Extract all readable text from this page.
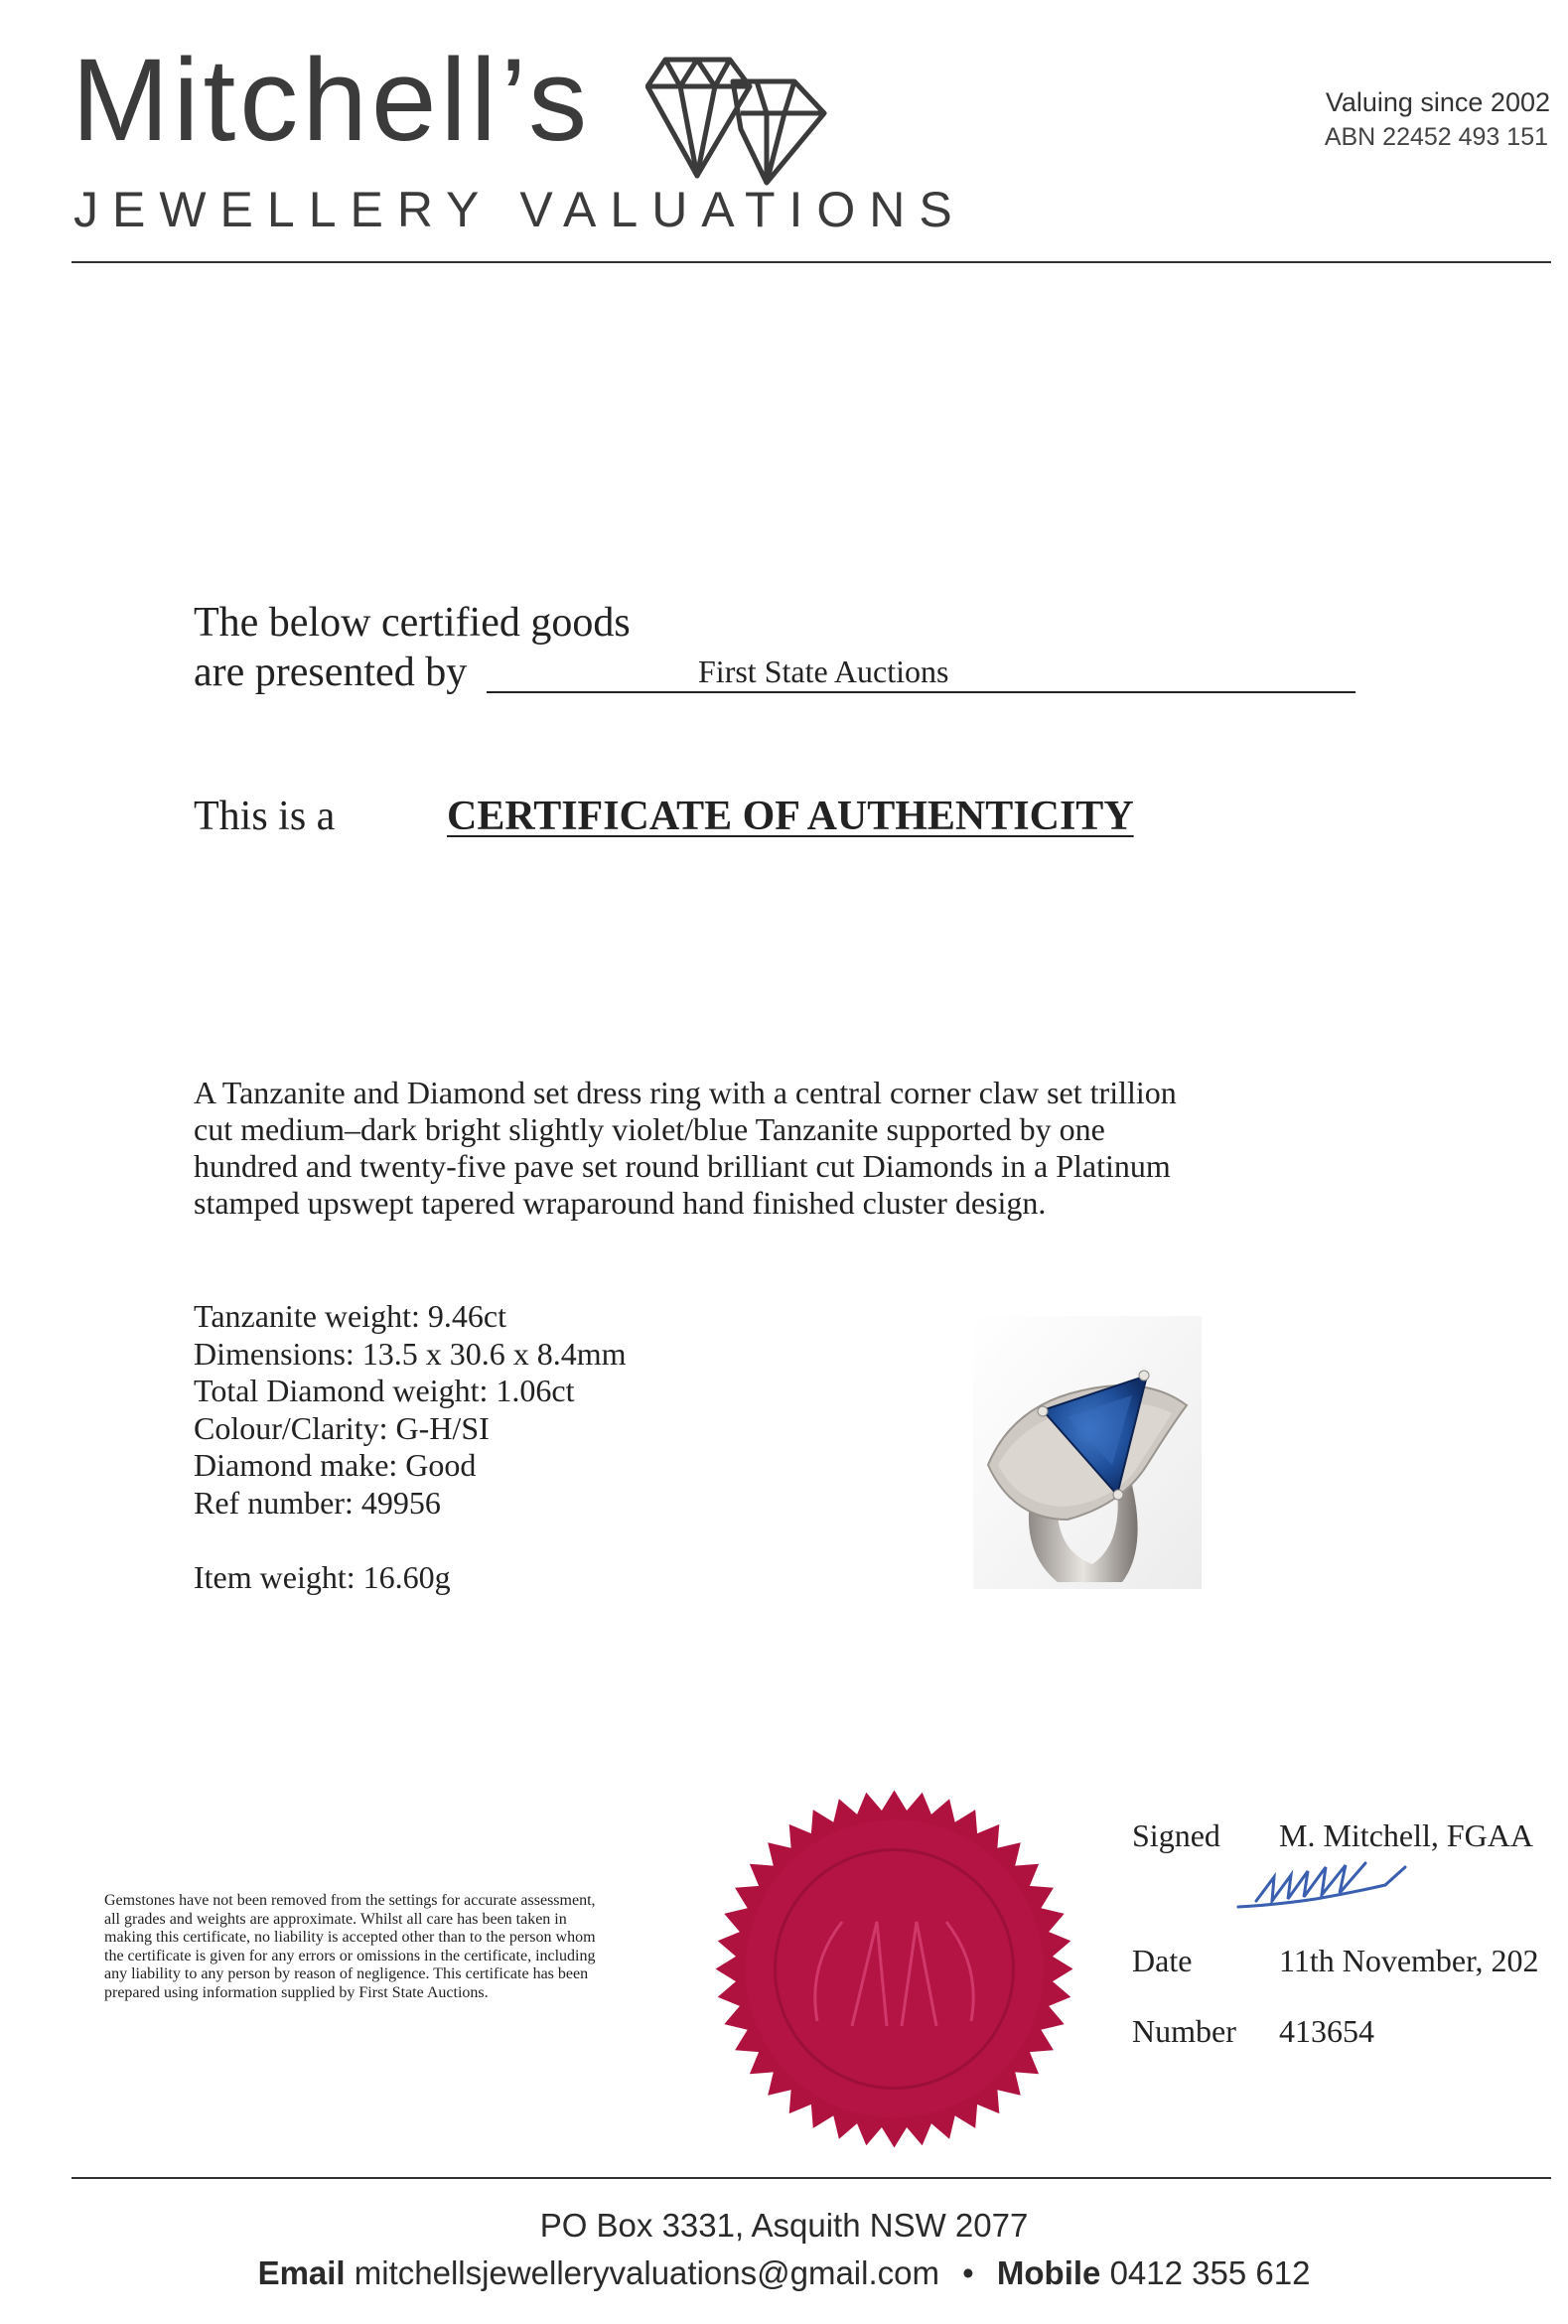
Mitchell’s
JEWELLERY VALUATIONS
Valuing since 2002
ABN 22452 493 151
The below certified goods
are presented by	First State Auctions
This is a	CERTIFICATE OF AUTHENTICITY
A Tanzanite and Diamond set dress ring with a central corner claw set trillion cut medium–dark bright slightly violet/blue Tanzanite supported by one hundred and twenty-five pave set round brilliant cut Diamonds in a Platinum stamped upswept tapered wraparound hand finished cluster design.
Tanzanite weight: 9.46ct
Dimensions: 13.5 x 30.6 x 8.4mm
Total Diamond weight: 1.06ct
Colour/Clarity: G-H/SI
Diamond make: Good
Ref number: 49956
Item weight: 16.60g
Gemstones have not been removed from the settings for accurate assessment, all grades and weights are approximate. Whilst all care has been taken in making this certificate, no liability is accepted other than to the person whom the certificate is given for any errors or omissions in the certificate, including any liability to any person by reason of negligence. This certificate has been prepared using information supplied by First State Auctions.
Signed M. Mitchell, FGAA
Date	11th November, 202
Number 413654
PO Box 3331, Asquith NSW 2077
Email mitchellsjewelleryvaluations@gmail.com • Mobile 0412 355 612
